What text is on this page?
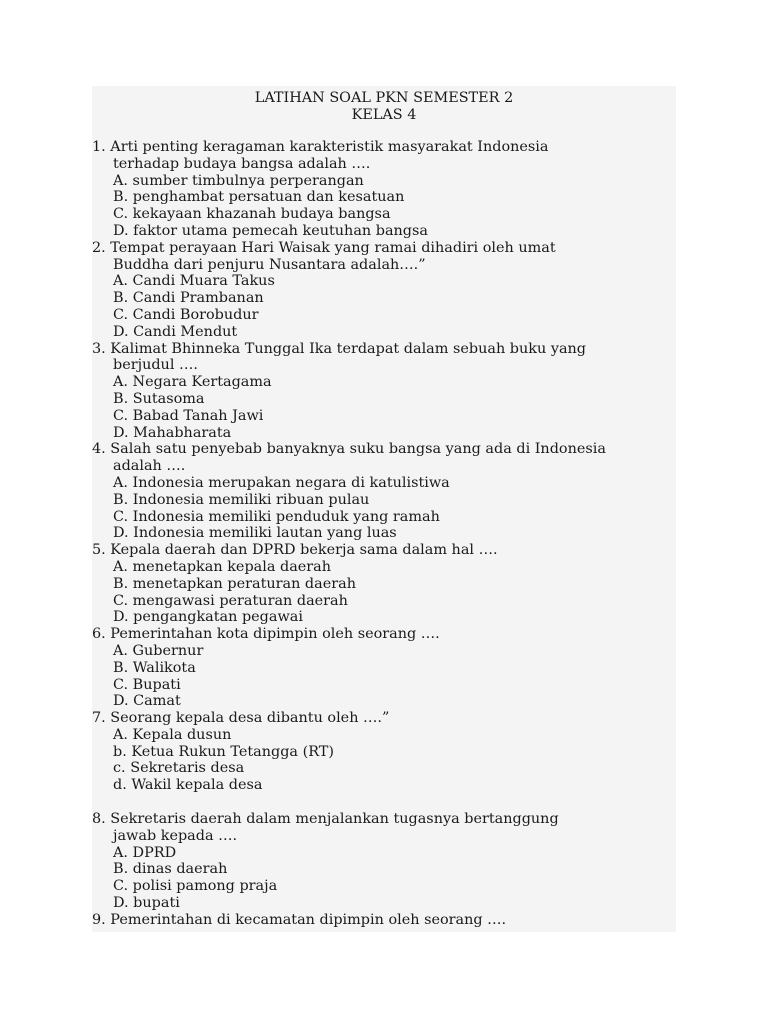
LATIHAN SOAL PKN SEMESTER 2
KELAS 4
1. Arti penting keragaman karakteristik masyarakat Indonesia
terhadap budaya bangsa adalah ….
A. sumber timbulnya perperangan
B. penghambat persatuan dan kesatuan
C. kekayaan khazanah budaya bangsa
D. faktor utama pemecah keutuhan bangsa
2. Tempat perayaan Hari Waisak yang ramai dihadiri oleh umat
Buddha dari penjuru Nusantara adalah….”
A. Candi Muara Takus
B. Candi Prambanan
C. Candi Borobudur
D. Candi Mendut
3. Kalimat Bhinneka Tunggal Ika terdapat dalam sebuah buku yang
berjudul ….
A. Negara Kertagama
B. Sutasoma
C. Babad Tanah Jawi
D. Mahabharata
4. Salah satu penyebab banyaknya suku bangsa yang ada di Indonesia
adalah ….
A. Indonesia merupakan negara di katulistiwa
B. Indonesia memiliki ribuan pulau
C. Indonesia memiliki penduduk yang ramah
D. Indonesia memiliki lautan yang luas
5. Kepala daerah dan DPRD bekerja sama dalam hal ….
A. menetapkan kepala daerah
B. menetapkan peraturan daerah
C. mengawasi peraturan daerah
D. pengangkatan pegawai
6. Pemerintahan kota dipimpin oleh seorang ….
A. Gubernur
B. Walikota
C. Bupati
D. Camat
7. Seorang kepala desa dibantu oleh ….”
A. Kepala dusun
b. Ketua Rukun Tetangga (RT)
c. Sekretaris desa
d. Wakil kepala desa
8. Sekretaris daerah dalam menjalankan tugasnya bertanggung
jawab kepada ….
A. DPRD
B. dinas daerah
C. polisi pamong praja
D. bupati
9. Pemerintahan di kecamatan dipimpin oleh seorang ….
